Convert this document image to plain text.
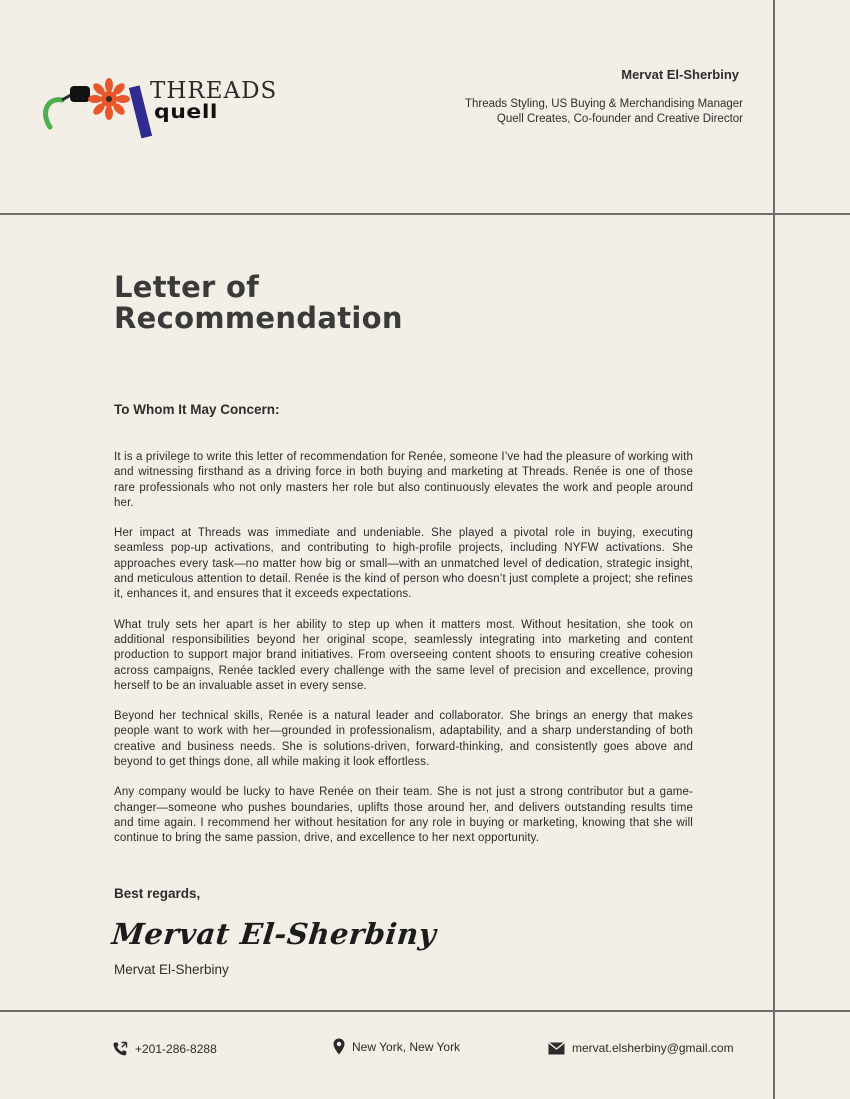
THREADS
quell
Mervat El-Sherbiny
Threads Styling, US Buying & Merchandising Manager
Quell Creates, Co-founder and Creative Director
Letter of
Recommendation
To Whom It May Concern:

It is a privilege to write this letter of recommendation for Renée, someone I’ve had the pleasure of working with and witnessing firsthand as a driving force in both buying and marketing at Threads. Renée is one of those rare professionals who not only masters her role but also continuously elevates the work and people around her.

Her impact at Threads was immediate and undeniable. She played a pivotal role in buying, executing seamless pop-up activations, and contributing to high-profile projects, including NYFW activations. She approaches every task—no matter how big or small—with an unmatched level of dedication, strategic insight, and meticulous attention to detail. Renée is the kind of person who doesn’t just complete a project; she refines it, enhances it, and ensures that it exceeds expectations.

What truly sets her apart is her ability to step up when it matters most. Without hesitation, she took on additional responsibilities beyond her original scope, seamlessly integrating into marketing and content production to support major brand initiatives. From overseeing content shoots to ensuring creative cohesion across campaigns, Renée tackled every challenge with the same level of precision and excellence, proving herself to be an invaluable asset in every sense.

Beyond her technical skills, Renée is a natural leader and collaborator. She brings an energy that makes people want to work with her—grounded in professionalism, adaptability, and a sharp understanding of both creative and business needs. She is solutions-driven, forward-thinking, and consistently goes above and beyond to get things done, all while making it look effortless.

Any company would be lucky to have Renée on their team. She is not just a strong contributor but a game-changer—someone who pushes boundaries, uplifts those around her, and delivers outstanding results time and time again. I recommend her without hesitation for any role in buying or marketing, knowing that she will continue to bring the same passion, drive, and excellence to her next opportunity.

Best regards,
Mervat El-Sherbiny
Mervat El-Sherbiny
+201-286-8288	New York, New York	mervat.elsherbiny@gmail.com
